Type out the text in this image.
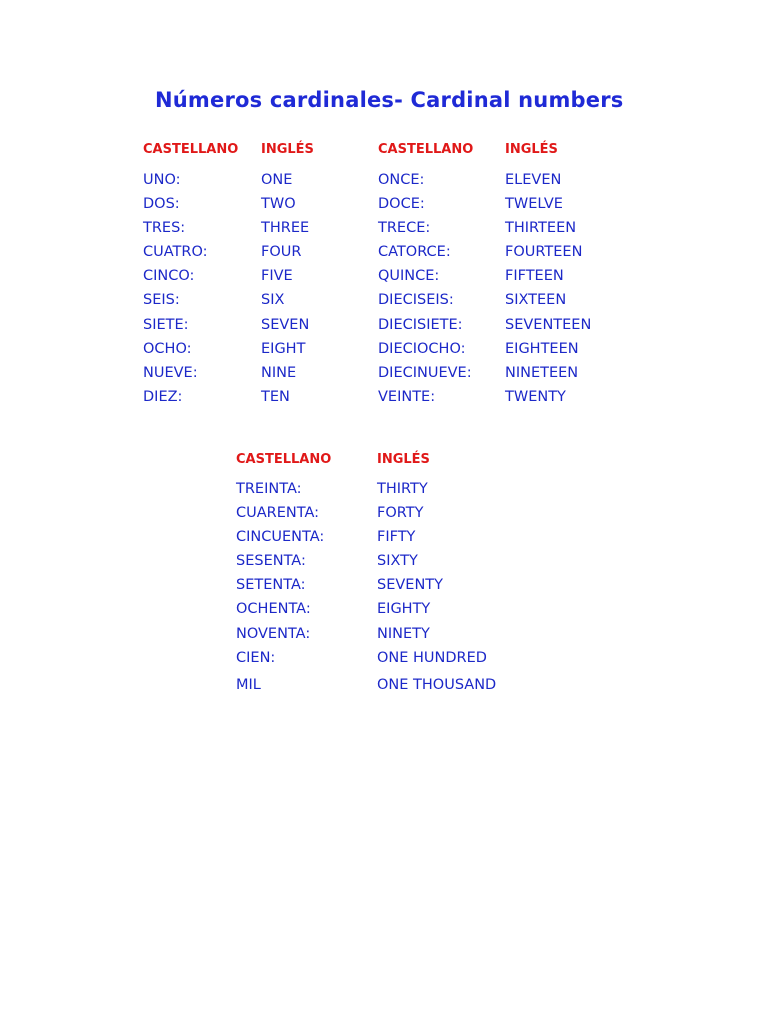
Números cardinales- Cardinal numbers
CASTELLANO INGLÉS	CASTELLANO INGLÉS
UNO:
DOS:
TRES:
CUATRO:
CINCO:
SEIS:
SIETE:
OCHO:
NUEVE:
DIEZ:
ONE
TWO
THREE
FOUR
FIVE
SIX
SEVEN
EIGHT
NINE
TEN
ONCE:
DOCE:
TRECE:
CATORCE:
QUINCE:
DIECISEIS:
DIECISIETE:
DIECIOCHO:
DIECINUEVE:
VEINTE:
ELEVEN
TWELVE
THIRTEEN
FOURTEEN
FIFTEEN
SIXTEEN
SEVENTEEN
EIGHTEEN
NINETEEN
TWENTY
CASTELLANO	INGLÉS
TREINTA:
CUARENTA:
CINCUENTA:
SESENTA:
SETENTA:
OCHENTA:
NOVENTA:
CIEN:
MIL
THIRTY
FORTY
FIFTY
SIXTY
SEVENTY
EIGHTY
NINETY
ONE HUNDRED
ONE THOUSAND
